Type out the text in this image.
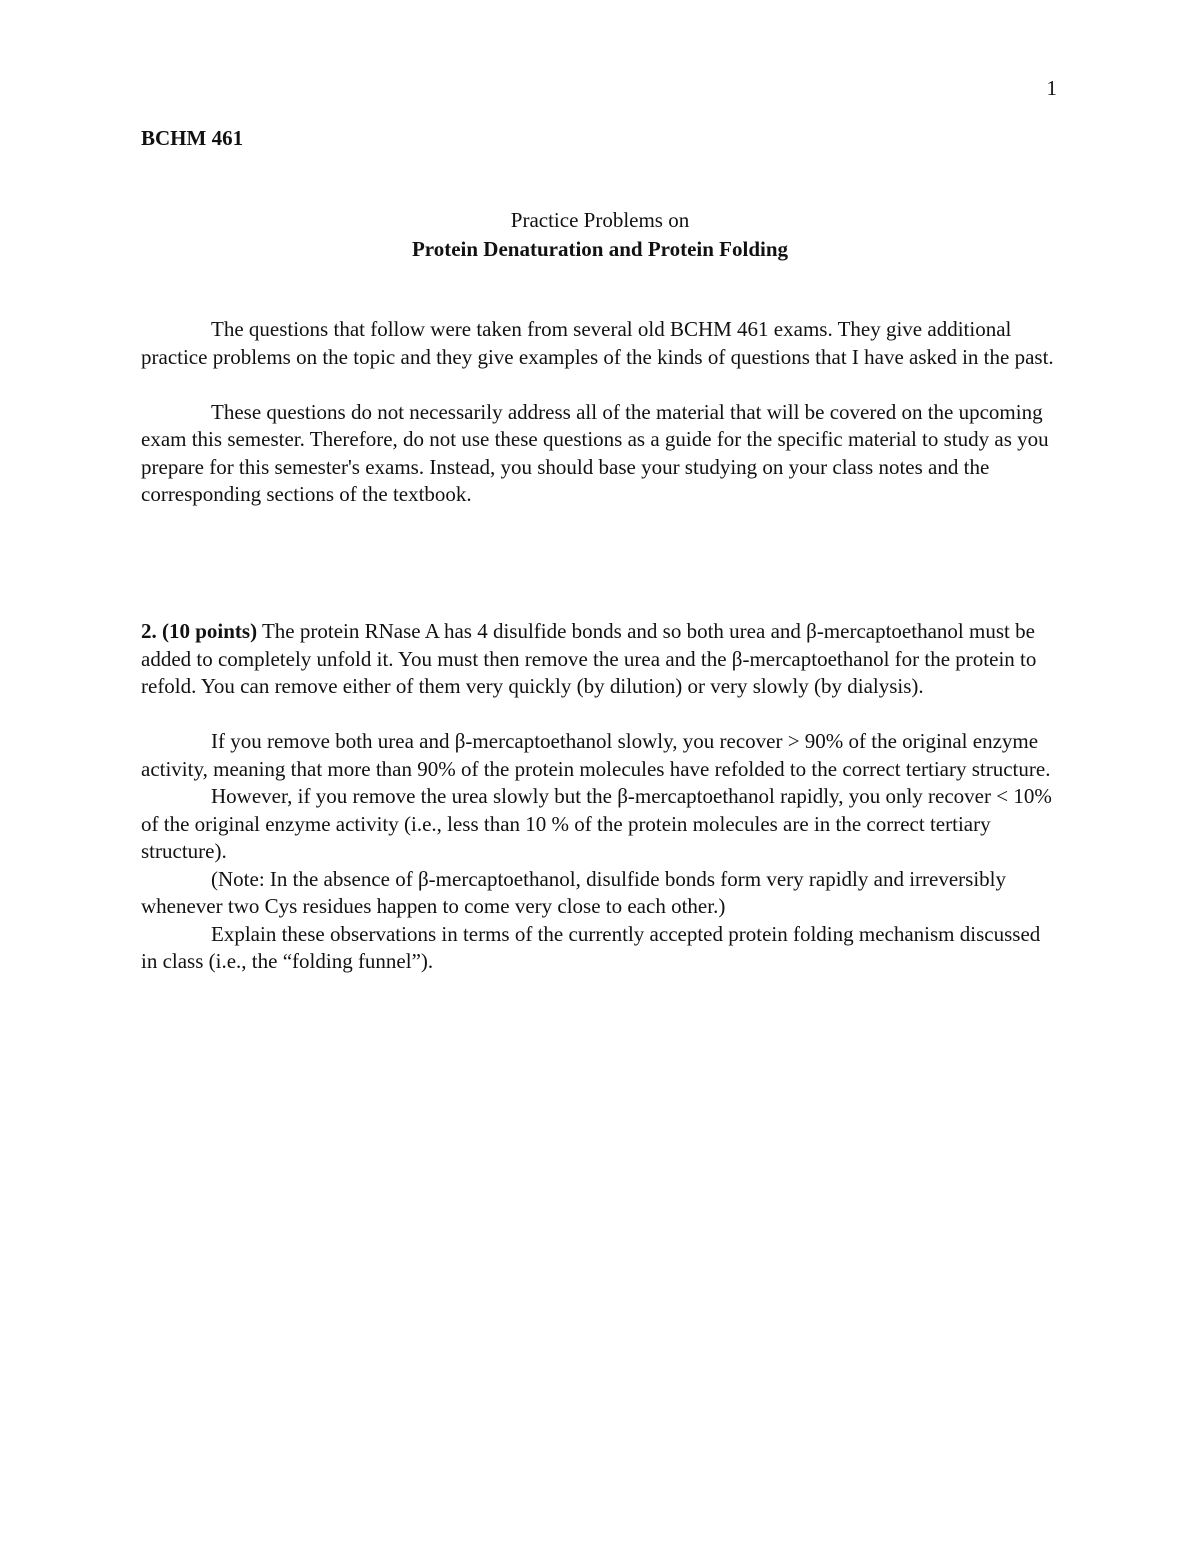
1
BCHM 461
Practice Problems on
Protein Denaturation and Protein Folding

The questions that follow were taken from several old BCHM 461 exams. They give additional practice problems on the topic and they give examples of the kinds of questions that I have asked in the past.

These questions do not necessarily address all of the material that will be covered on the upcoming exam this semester. Therefore, do not use these questions as a guide for the specific material to study as you prepare for this semester's exams. Instead, you should base your studying on your class notes and the corresponding sections of the textbook.

2. (10 points) The protein RNase A has 4 disulfide bonds and so both urea and β-mercaptoethanol must be added to completely unfold it. You must then remove the urea and the β-mercaptoethanol for the protein to refold. You can remove either of them very quickly (by dilution) or very slowly (by dialysis).

If you remove both urea and β-mercaptoethanol slowly, you recover > 90% of the original enzyme activity, meaning that more than 90% of the protein molecules have refolded to the correct tertiary structure.

However, if you remove the urea slowly but the β-mercaptoethanol rapidly, you only recover < 10% of the original enzyme activity (i.e., less than 10 % of the protein molecules are in the correct tertiary structure).

(Note: In the absence of β-mercaptoethanol, disulfide bonds form very rapidly and irreversibly whenever two Cys residues happen to come very close to each other.)

Explain these observations in terms of the currently accepted protein folding mechanism discussed in class (i.e., the “folding funnel”).
